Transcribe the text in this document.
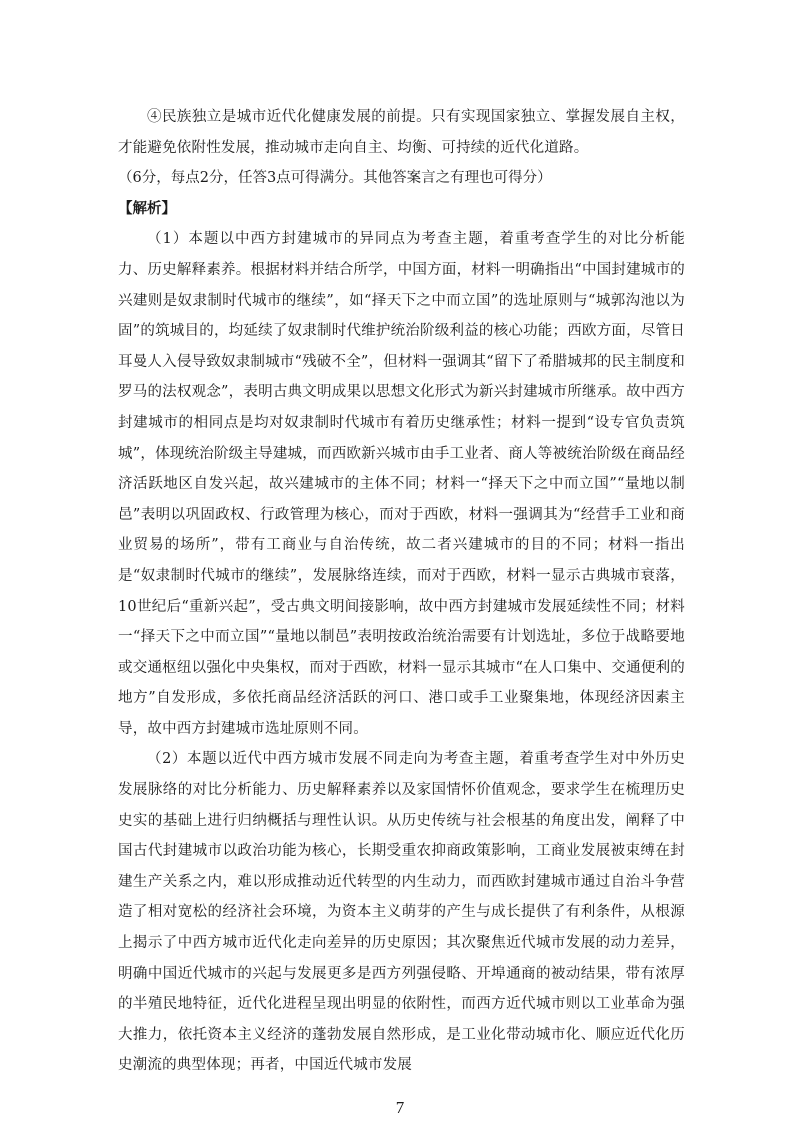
④民族独立是城市近代化健康发展的前提。只有实现国家独立、掌握发展自主权，才能避免依附性发展，推动城市走向自主、均衡、可持续的近代化道路。

（6分，每点2分，任答3点可得满分。其他答案言之有理也可得分）

【解析】

（1）本题以中西方封建城市的异同点为考查主题，着重考查学生的对比分析能力、历史解释素养。根据材料并结合所学，中国方面，材料一明确指出“中国封建城市的兴建则是奴隶制时代城市的继续”，如“择天下之中而立国”的选址原则与“城郭沟池以为固”的筑城目的，均延续了奴隶制时代维护统治阶级利益的核心功能；西欧方面，尽管日耳曼人入侵导致奴隶制城市“残破不全”，但材料一强调其“留下了希腊城邦的民主制度和罗马的法权观念”，表明古典文明成果以思想文化形式为新兴封建城市所继承。故中西方封建城市的相同点是均对奴隶制时代城市有着历史继承性；材料一提到“设专官负责筑城”，体现统治阶级主导建城，而西欧新兴城市由手工业者、商人等被统治阶级在商品经济活跃地区自发兴起，故兴建城市的主体不同；材料一“择天下之中而立国”“量地以制邑”表明以巩固政权、行政管理为核心，而对于西欧，材料一强调其为“经营手工业和商业贸易的场所”，带有工商业与自治传统，故二者兴建城市的目的不同；材料一指出是“奴隶制时代城市的继续”，发展脉络连续，而对于西欧，材料一显示古典城市衰落，10世纪后“重新兴起”，受古典文明间接影响，故中西方封建城市发展延续性不同；材料一“择天下之中而立国”“量地以制邑”表明按政治统治需要有计划选址，多位于战略要地或交通枢纽以强化中央集权，而对于西欧，材料一显示其城市“在人口集中、交通便利的地方”自发形成，多依托商品经济活跃的河口、港口或手工业聚集地，体现经济因素主导，故中西方封建城市选址原则不同。

（2）本题以近代中西方城市发展不同走向为考查主题，着重考查学生对中外历史发展脉络的对比分析能力、历史解释素养以及家国情怀价值观念，要求学生在梳理历史史实的基础上进行归纳概括与理性认识。从历史传统与社会根基的角度出发，阐释了中国古代封建城市以政治功能为核心，长期受重农抑商政策影响，工商业发展被束缚在封建生产关系之内，难以形成推动近代转型的内生动力，而西欧封建城市通过自治斗争营造了相对宽松的经济社会环境，为资本主义萌芽的产生与成长提供了有利条件，从根源上揭示了中西方城市近代化走向差异的历史原因；其次聚焦近代城市发展的动力差异，明确中国近代城市的兴起与发展更多是西方列强侵略、开埠通商的被动结果，带有浓厚的半殖民地特征，近代化进程呈现出明显的依附性，而西方近代城市则以工业革命为强大推力，依托资本主义经济的蓬勃发展自然形成，是工业化带动城市化、顺应近代化历史潮流的典型体现；再者，中国近代城市发展

7
